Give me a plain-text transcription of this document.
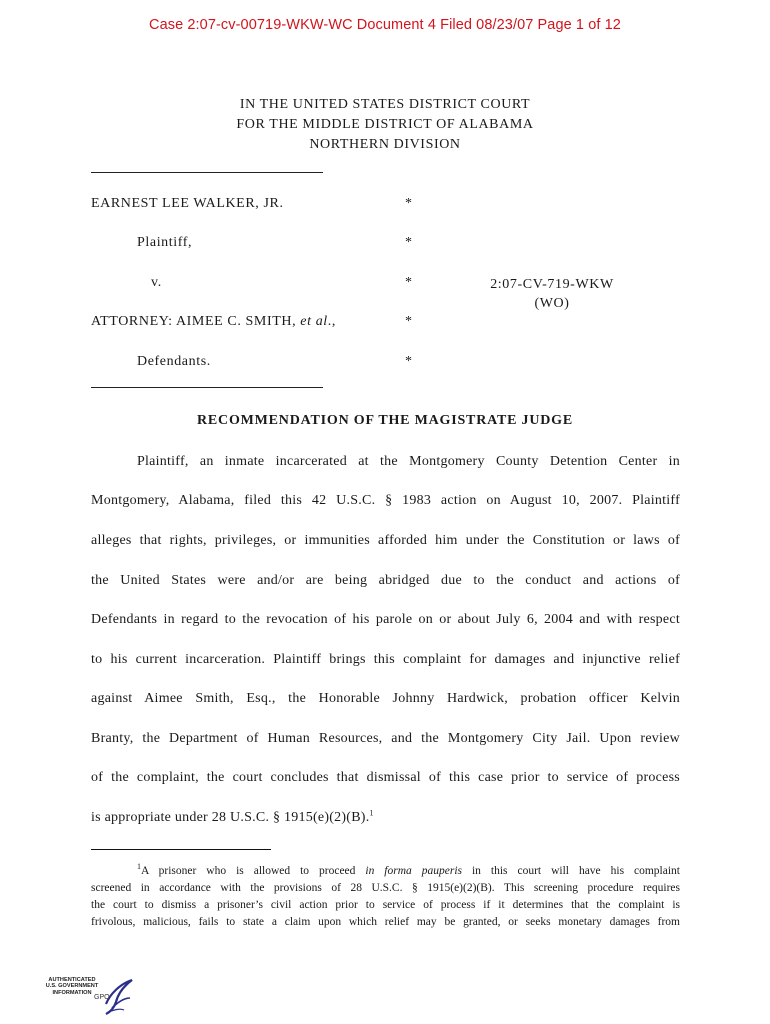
Case 2:07-cv-00719-WKW-WC Document 4 Filed 08/23/07 Page 1 of 12
IN THE UNITED STATES DISTRICT COURT
FOR THE MIDDLE DISTRICT OF ALABAMA
NORTHERN DIVISION
EARNEST LEE WALKER, JR.	*
Plaintiff,	*
v.	*	2:07-CV-719-WKW
(WO)
ATTORNEY: AIMEE C. SMITH, et al.,	*
Defendants.	*
RECOMMENDATION OF THE MAGISTRATE JUDGE
Plaintiff, an inmate incarcerated at the Montgomery County Detention Center in
Montgomery, Alabama, filed this 42 U.S.C. § 1983 action on August 10, 2007. Plaintiff
alleges that rights, privileges, or immunities afforded him under the Constitution or laws of
the United States were and/or are being abridged due to the conduct and actions of
Defendants in regard to the revocation of his parole on or about July 6, 2004 and with respect
to his current incarceration. Plaintiff brings this complaint for damages and injunctive relief
against Aimee Smith, Esq., the Honorable Johnny Hardwick, probation officer Kelvin
Branty, the Department of Human Resources, and the Montgomery City Jail. Upon review
of the complaint, the court concludes that dismissal of this case prior to service of process
is appropriate under 28 U.S.C. § 1915(e)(2)(B).$^1$
$^1$A prisoner who is allowed to proceed in forma pauperis in this court will have his complaint
screened in accordance with the provisions of 28 U.S.C. § 1915(e)(2)(B). This screening procedure requires
the court to dismiss a prisoner’s civil action prior to service of process if it determines that the complaint is
frivolous, malicious, fails to state a claim upon which relief may be granted, or seeks monetary damages from
AUTHENTICATED
U.S. GOVERNMENT
INFORMATION
GPO
